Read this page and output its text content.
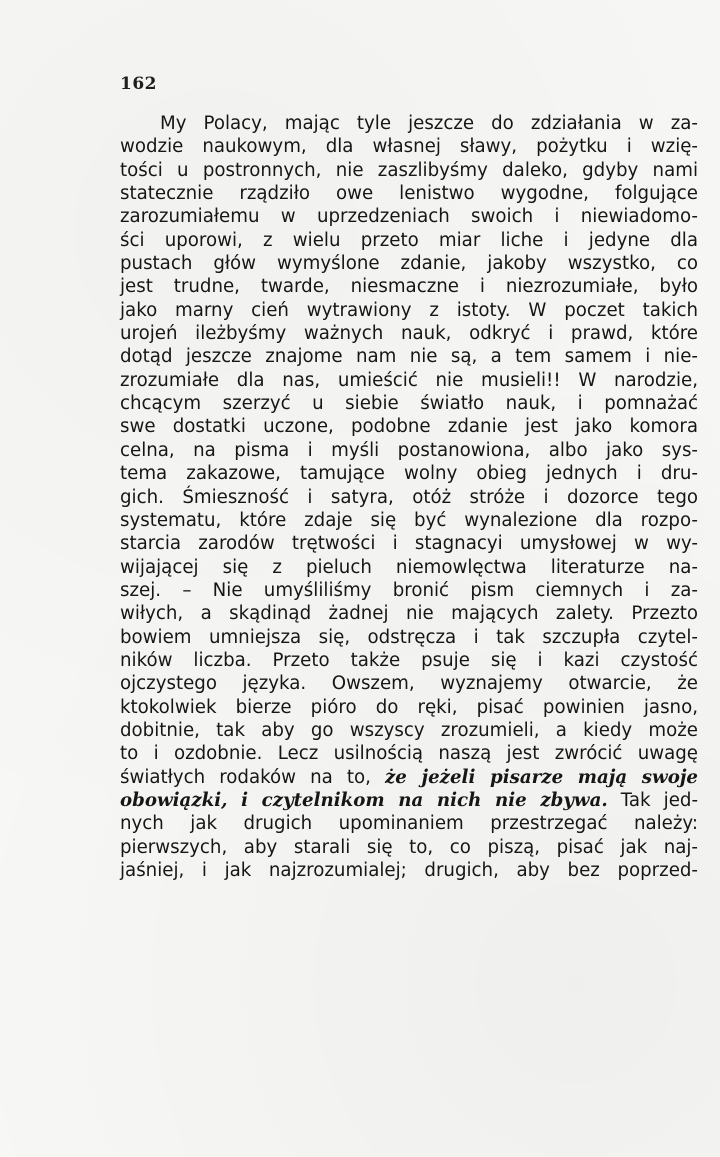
162
My Polacy, mając tyle jeszcze do zdziałania w za-
wodzie naukowym, dla własnej sławy, pożytku i wzię-
tości u postronnych, nie zaszlibyśmy daleko, gdyby nami
statecznie rządziło owe lenistwo wygodne, folgujące
zarozumiałemu w uprzedzeniach swoich i niewiadomo-
ści uporowi, z wielu przeto miar liche i jedyne dla
pustach głów wymyślone zdanie, jakoby wszystko, co
jest trudne, twarde, niesmaczne i niezrozumiałe, było
jako marny cień wytrawiony z istoty. W poczet takich
urojeń ileżbyśmy ważnych nauk, odkryć i prawd, które
dotąd jeszcze znajome nam nie są, a tem samem i nie-
zrozumiałe dla nas, umieścić nie musieli!! W narodzie,
chcącym szerzyć u siebie światło nauk, i pomnażać
swe dostatki uczone, podobne zdanie jest jako komora
celna, na pisma i myśli postanowiona, albo jako sys-
tema zakazowe, tamujące wolny obieg jednych i dru-
gich. Śmieszność i satyra, otóż stróże i dozorce tego
systematu, które zdaje się być wynalezione dla rozpo-
starcia zarodów trętwości i stagnacyi umysłowej w wy-
wijającej się z pieluch niemowlęctwa literaturze na-
szej. – Nie umyśliliśmy bronić pism ciemnych i za-
wiłych, a skądinąd żadnej nie mających zalety. Przezto
bowiem umniejsza się, odstręcza i tak szczupła czytel-
ników liczba. Przeto także psuje się i kazi czystość
ojczystego języka. Owszem, wyznajemy otwarcie, że
ktokolwiek bierze pióro do ręki, pisać powinien jasno,
dobitnie, tak aby go wszyscy zrozumieli, a kiedy może
to i ozdobnie. Lecz usilnością naszą jest zwrócić uwagę
światłych rodaków na to, że jeżeli pisarze mają swoje
obowiązki, i czytelnikom na nich nie zbywa. Tak jed-
nych jak drugich upominaniem przestrzegać należy:
pierwszych, aby starali się to, co piszą, pisać jak naj-
jaśniej, i jak najzrozumialej; drugich, aby bez poprzed-
